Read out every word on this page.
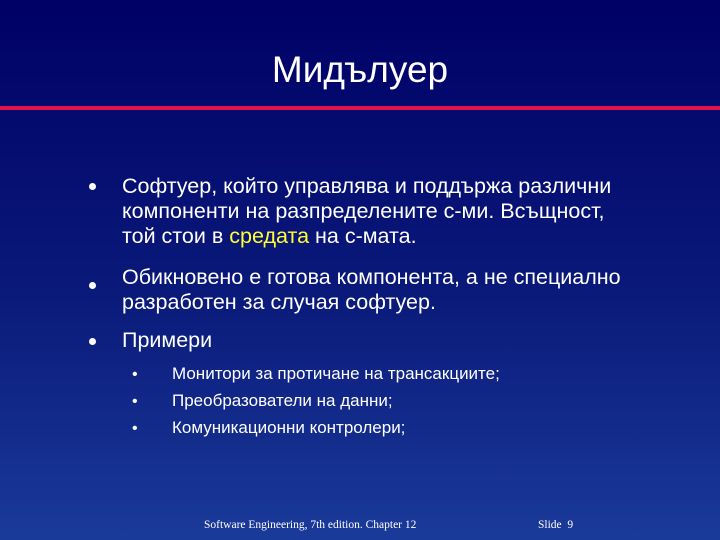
Мидълуер
Софтуер, който управлява и поддържа различни
компоненти на разпределените с-ми. Всъщност,
той стои в средата на с-мата.
Обикновено е готова компонента, а не специално
разработен за случая софтуер.
Примери
• Монитори за протичане на трансакциите;
• Преобразователи на данни;
• Комуникационни контролери;
Software Engineering, 7th edition. Chapter 12	Slide 9
